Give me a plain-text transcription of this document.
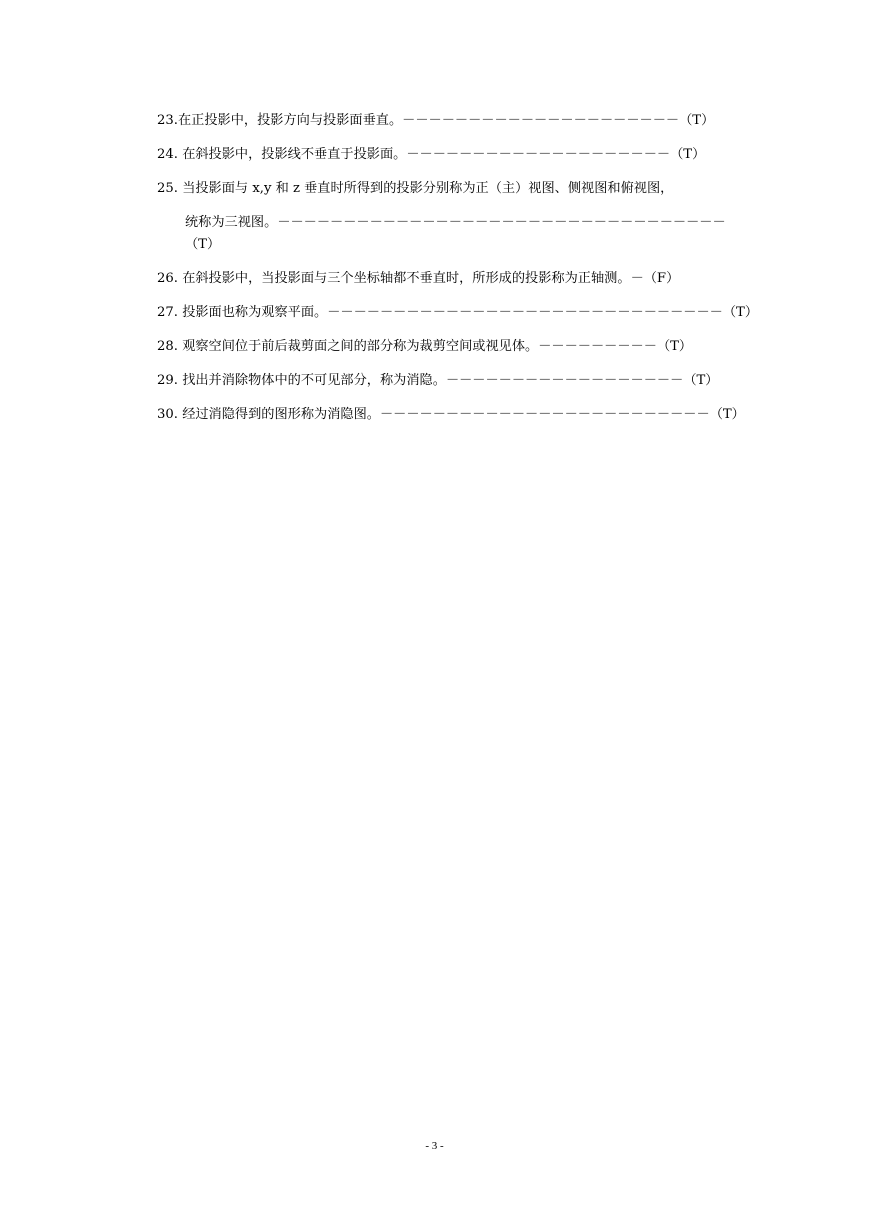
23.在正投影中，投影方向与投影面垂直。－－－－－－－－－－－－－－－－－－－－－（T）
24. 在斜投影中，投影线不垂直于投影面。－－－－－－－－－－－－－－－－－－－－（T）
25. 当投影面与 x,y 和 z 垂直时所得到的投影分别称为正（主）视图、侧视图和俯视图，
统称为三视图。－－－－－－－－－－－－－－－－－－－－－－－－－－－－－－－－－－（T）
26. 在斜投影中，当投影面与三个坐标轴都不垂直时，所形成的投影称为正轴测。－（F）
27. 投影面也称为观察平面。－－－－－－－－－－－－－－－－－－－－－－－－－－－－－－（T）
28. 观察空间位于前后裁剪面之间的部分称为裁剪空间或视见体。－－－－－－－－－（T）
29. 找出并消除物体中的不可见部分，称为消隐。－－－－－－－－－－－－－－－－－－（T）
30. 经过消隐得到的图形称为消隐图。－－－－－－－－－－－－－－－－－－－－－－－－－（T）
- 3 -
